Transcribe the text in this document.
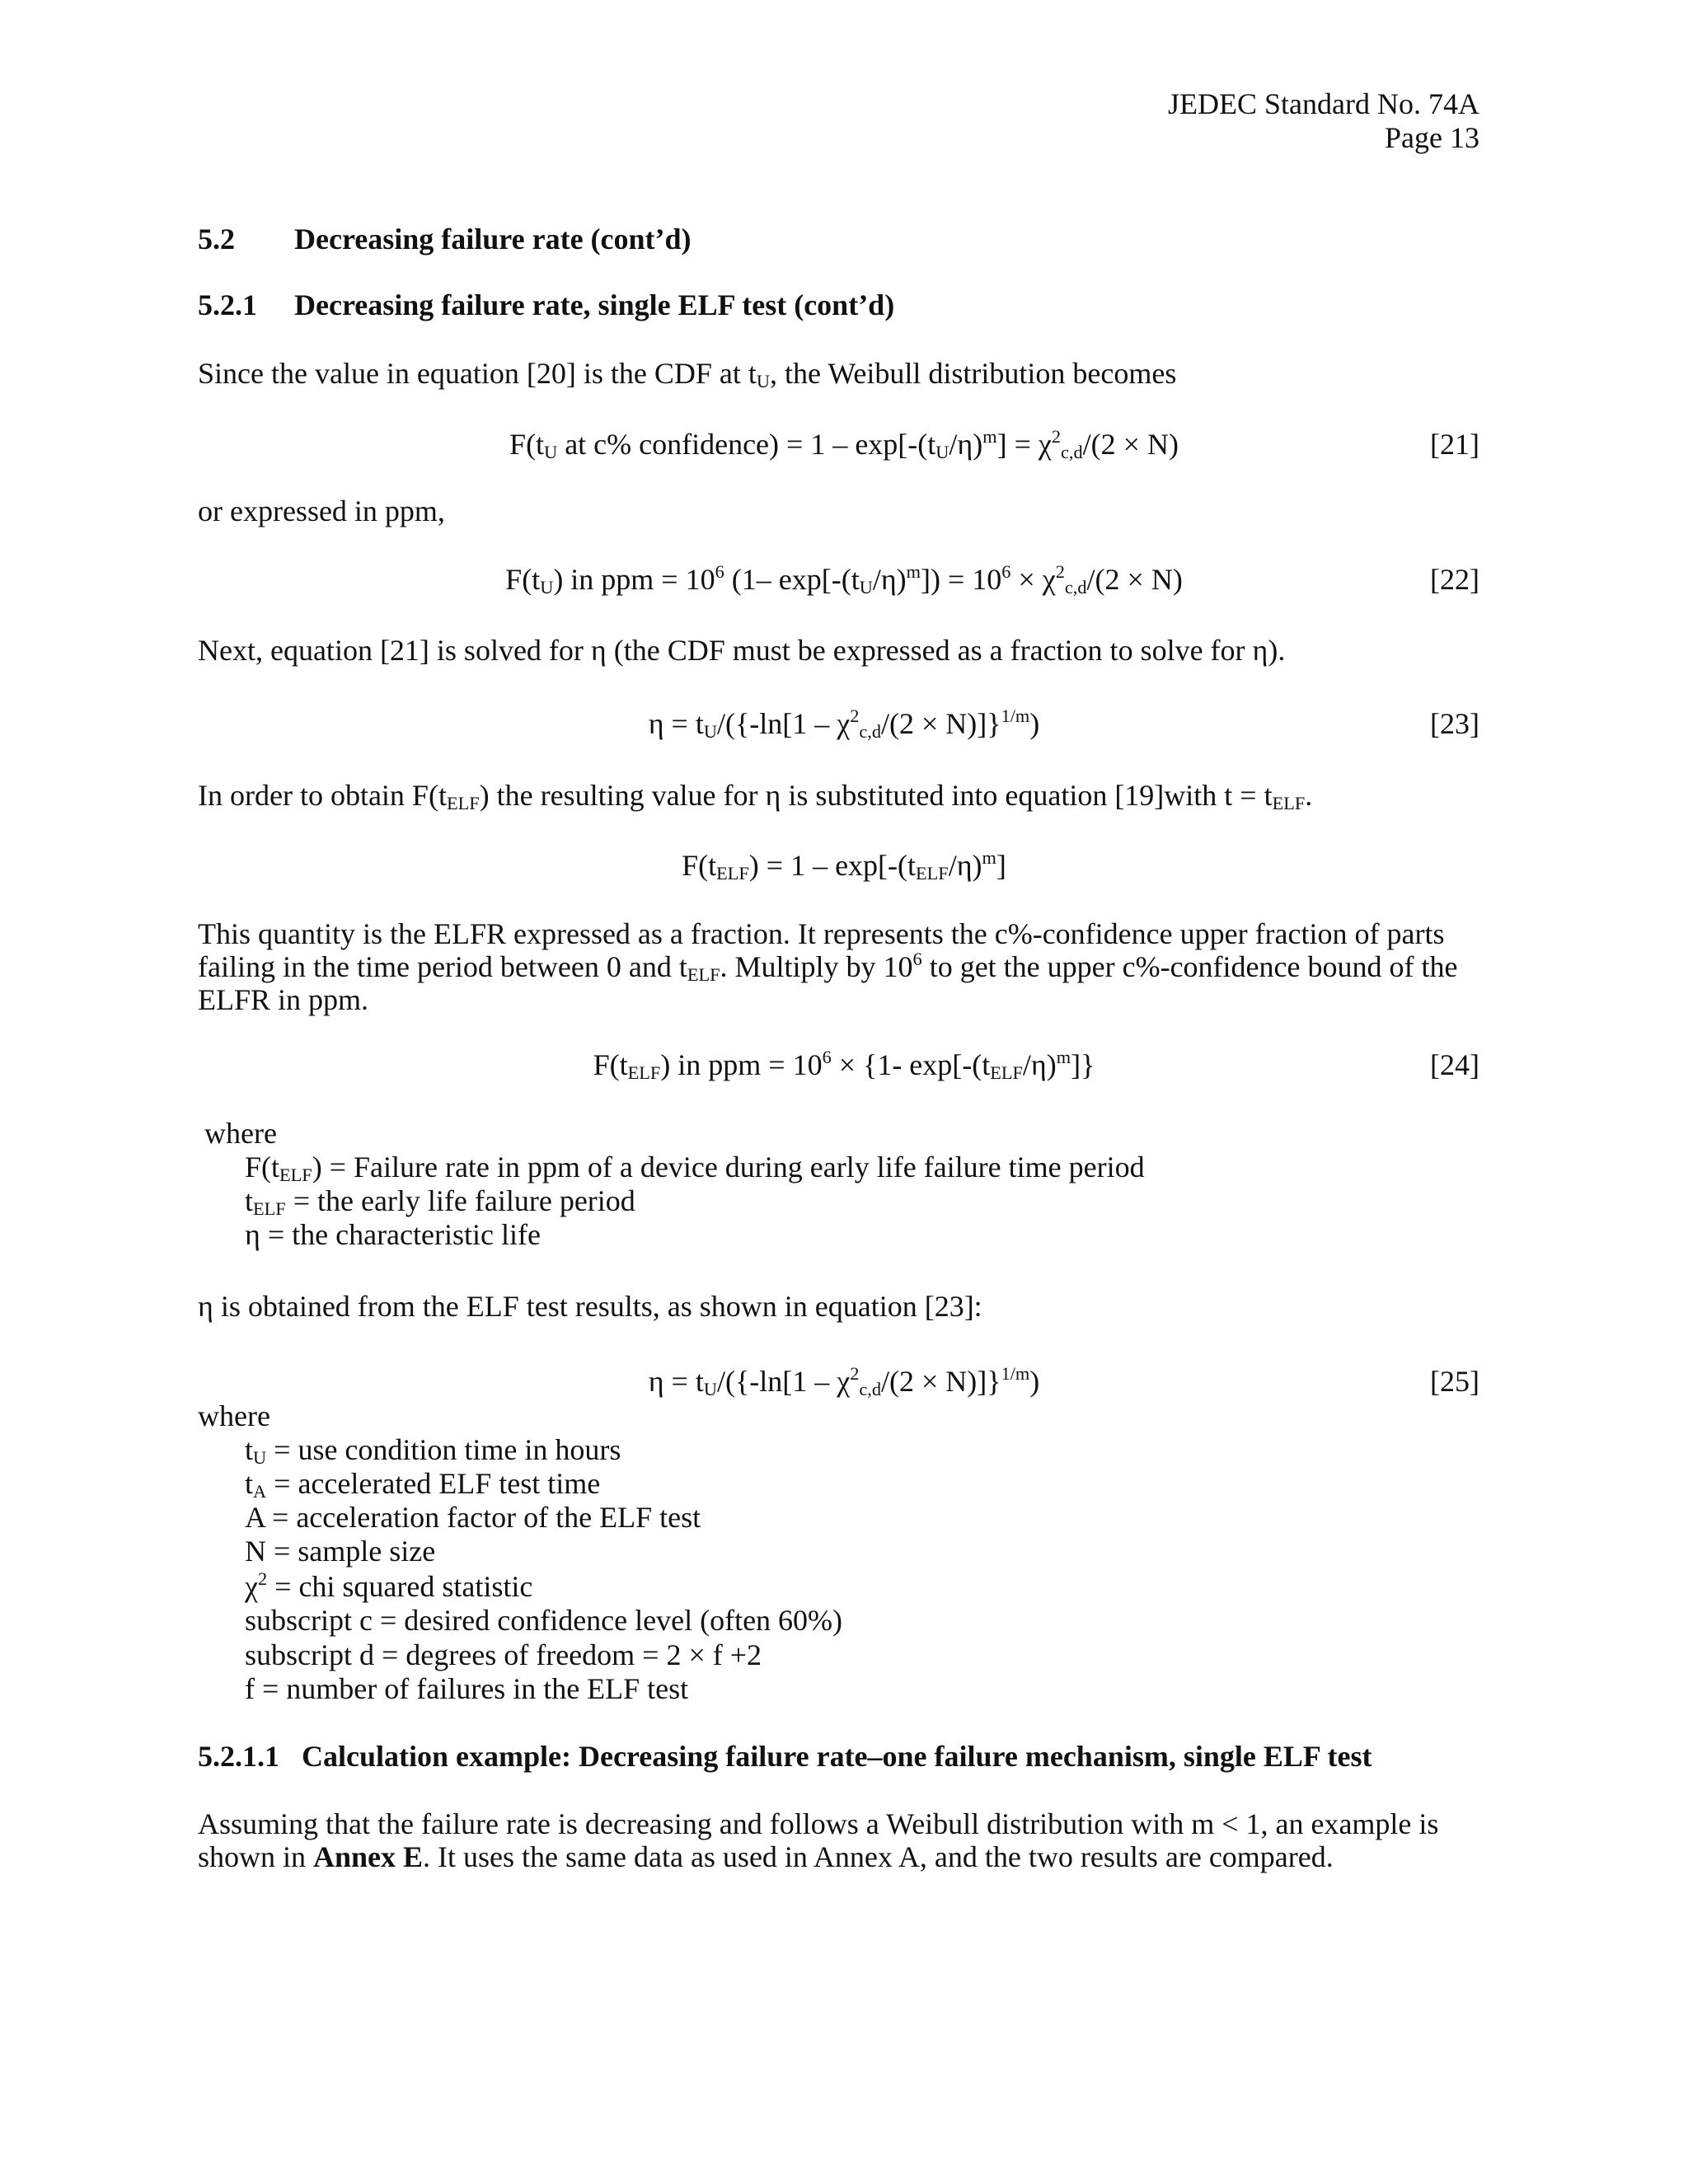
JEDEC Standard No. 74A
Page 13
5.2 Decreasing failure rate (cont’d)
5.2.1 Decreasing failure rate, single ELF test (cont’d)
Since the value in equation [20] is the CDF at $t_U$, the Weibull distribution becomes
$F(t_U$ at c% confidence) = $1 - \exp[-(t_U/\eta)^m] = \chi^2_{c,d}/(2 \times N)$	[21]
or expressed in ppm,
$F(t_U)$ in ppm = $10^6$ (1– $\exp[-(t_U/\eta)^m]) = 10^6 \times \chi^2_{c,d}/(2 \times N)$	[22]
Next, equation [21] is solved for η (the CDF must be expressed as a fraction to solve for η).
$\eta = t_U/(\{-\ln[1 - \chi^2_{c,d}/(2 \times N)]\}^{1/m})$	[23]
In order to obtain $F(t_{ELF})$ the resulting value for η is substituted into equation [19]with $t = t_{ELF}$.
$F(t_{ELF}) = 1 - \exp[-(t_{ELF}/\eta)^m]$
This quantity is the ELFR expressed as a fraction. It represents the c%-confidence upper fraction of parts failing in the time period between 0 and $t_{ELF}$. Multiply by $10^6$ to get the upper c%-confidence bound of the ELFR in ppm.
$F(t_{ELF})$ in ppm = $10^6 \times \{1-$ $\exp[-(t_{ELF}/\eta)^m]$}	[24]
where
$F(t_{ELF})$ = Failure rate in ppm of a device during early life failure time period
$t_{ELF}$ = the early life failure period
η = the characteristic life
η is obtained from the ELF test results, as shown in equation [23]:
$\eta = t_U/(\{-\ln[1 - \chi^2_{c,d}/(2 \times N)]\}^{1/m})$	[25]
where
$t_U$ = use condition time in hours
$t_A$ = accelerated ELF test time
A = acceleration factor of the ELF test
N = sample size
$\chi^2$ = chi squared statistic
subscript c = desired confidence level (often 60%)
subscript d = degrees of freedom = 2 × f +2
f = number of failures in the ELF test
5.2.1.1 Calculation example: Decreasing failure rate–one failure mechanism, single ELF test
Assuming that the failure rate is decreasing and follows a Weibull distribution with m < 1, an example is shown in Annex E. It uses the same data as used in Annex A, and the two results are compared.
